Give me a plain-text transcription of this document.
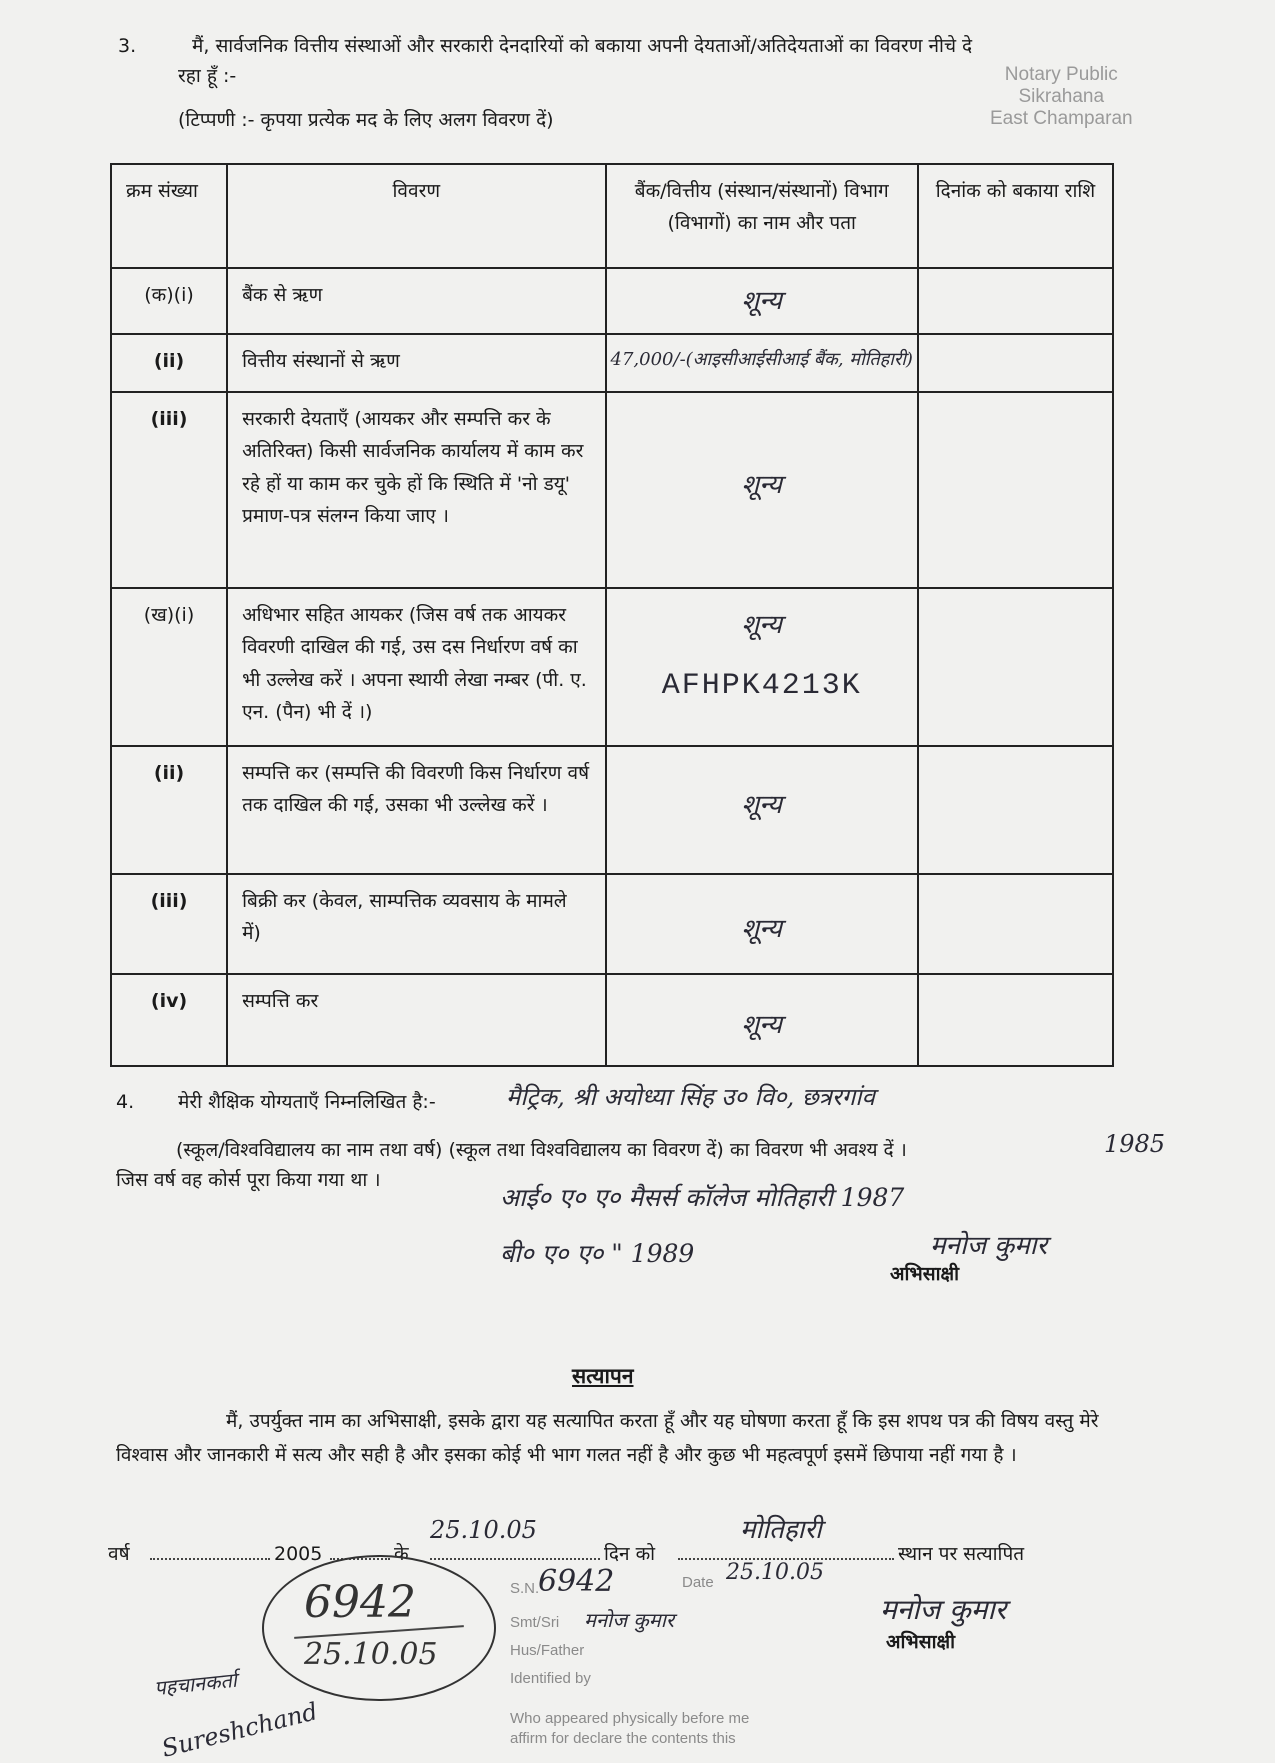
Notary Public
Sikrahana
East Champaran
3.	मैं, सार्वजनिक वित्तीय संस्थाओं और सरकारी देनदारियों को बकाया अपनी देयताओं/अतिदेयताओं का विवरण नीचे दे
रहा हूँ :-
(टिप्पणी :- कृपया प्रत्येक मद के लिए अलग विवरण दें)
क्रम संख्या	विवरण	बैंक/वित्तीय (संस्थान/संस्थानों) विभाग (विभागों) का नाम और पता	दिनांक को बकाया राशि
(क)(i)	बैंक से ऋण	शून्य	

(ii)	वित्तीय संस्थानों से ऋण	47,000/-(आइसीआईसीआई बैंक, मोतिहारी)	

(iii)	सरकारी देयताएँ (आयकर और सम्पत्ति कर के अतिरिक्त) किसी सार्वजनिक कार्यालय में काम कर रहे हों या काम कर चुके हों कि स्थिति में 'नो डयू' प्रमाण-पत्र संलग्न किया जाए ।	शून्य	

(ख)(i)	अधिभार सहित आयकर (जिस वर्ष तक आयकर विवरणी दाखिल की गई, उस दस निर्धारण वर्ष का भी उल्लेख करें । अपना स्थायी लेखा नम्बर (पी. ए. एन. (पैन) भी दें ।)	शून्य
AFHPK4213K	

(ii)	सम्पत्ति कर (सम्पत्ति की विवरणी किस निर्धारण वर्ष तक दाखिल की गई, उसका भी उल्लेख करें ।	शून्य	

(iii)	बिक्री कर (केवल, साम्पत्तिक व्यवसाय के मामले में)	शून्य	

(iv)	सम्पत्ति कर	शून्य	

4. मेरी शैक्षिक योग्यताएँ निम्नलिखित है:-	मैट्रिक, श्री अयोध्या सिंह उ० वि०, छत्ररगांव
(स्कूल/विश्वविद्यालय का नाम तथा वर्ष) (स्कूल तथा विश्वविद्यालय का विवरण दें) का विवरण भी अवश्य दें ।	1985
जिस वर्ष वह कोर्स पूरा किया गया था ।
आई० ए० ए० मैसर्स कॉलेज मोतिहारी 1987
बी० ए० ए० " 1989	मनोज कुमार
अभिसाक्षी
सत्यापन
मैं, उपर्युक्त नाम का अभिसाक्षी, इसके द्वारा यह सत्यापित करता हूँ और यह घोषणा करता हूँ कि इस शपथ पत्र की विषय वस्तु मेरे विश्वास और जानकारी में सत्य और सही है और इसका कोई भी भाग गलत नहीं है और कुछ भी महत्वपूर्ण इसमें छिपाया नहीं गया है ।
वर्ष	2005	के
25.10.05
दिन को
मोतिहारी
स्थान पर सत्यापित
मनोज कुमार
अभिसाक्षी
6942
25.10.05
S.N.
6942	Date 25.10.05
Smt/Sri मनोज कुमार
Hus/Father
Identified by
Who appeared physically before me
affirm for declare the contents this
पहचानकर्ता
Sureshchand
